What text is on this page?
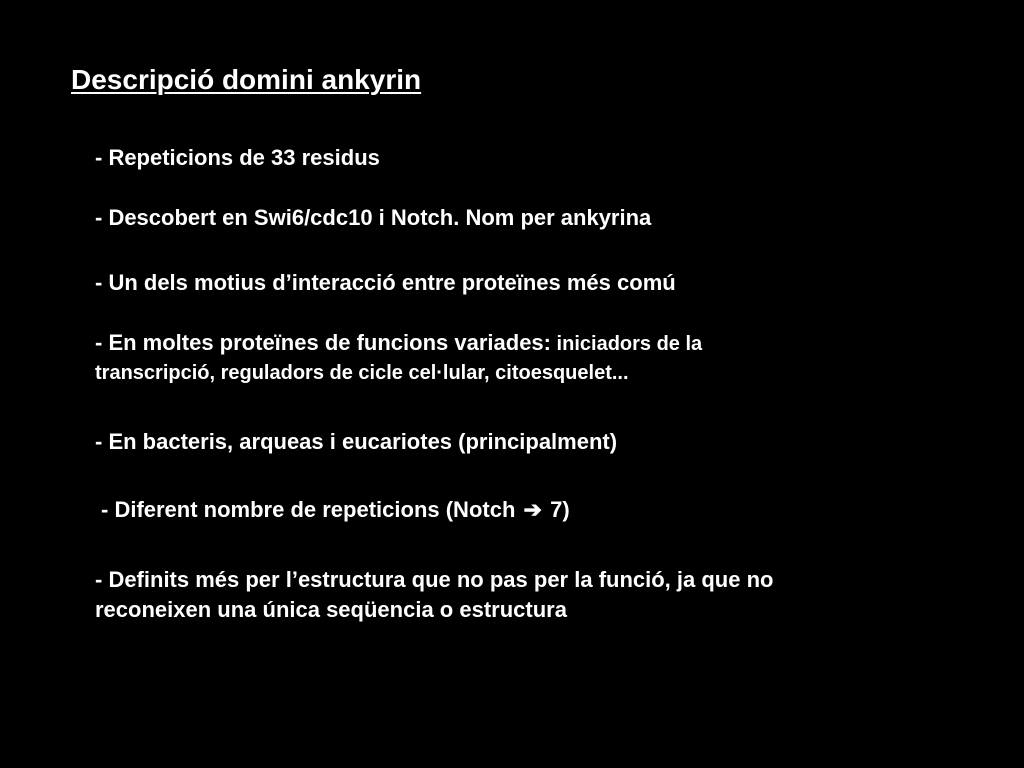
Descripció domini ankyrin
- Repeticions de 33 residus
- Descobert en Swi6/cdc10 i Notch. Nom per ankyrina
- Un dels motius d’interacció entre proteïnes més comú
- En moltes proteïnes de funcions variades: iniciadors de la
transcripció, reguladors de cicle cel·lular, citoesquelet...
- En bacteris, arqueas i eucariotes (principalment)
- Diferent nombre de repeticions (Notch ➔ 7)
- Definits més per l’estructura que no pas per la funció, ja que no
reconeixen una única seqüencia o estructura
